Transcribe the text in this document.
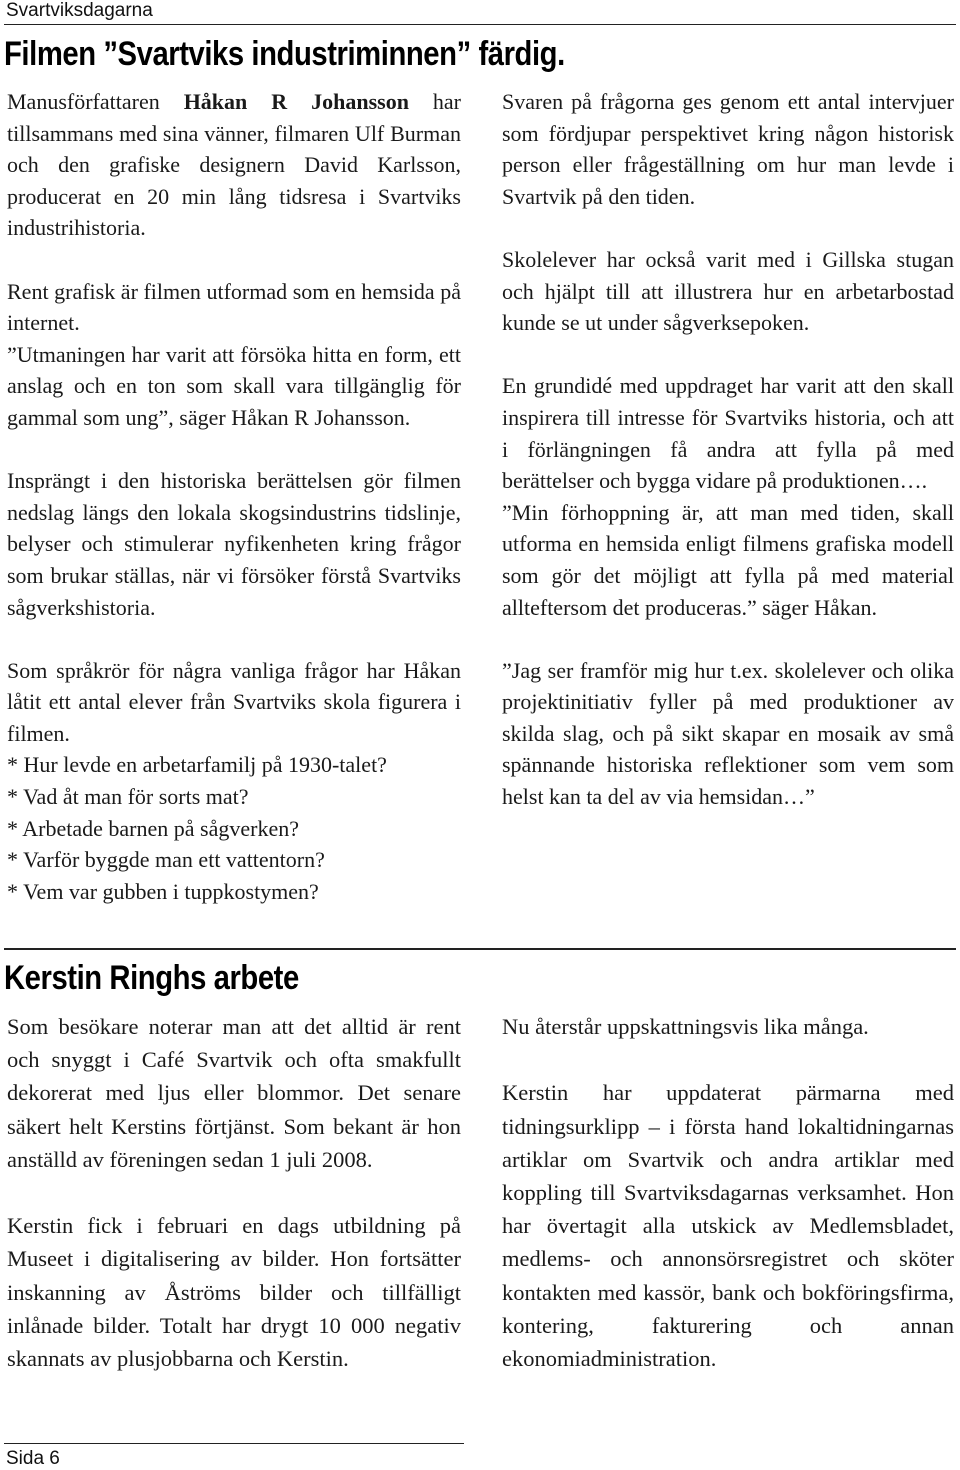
Svartviksdagarna
Filmen ”Svartviks industriminnen” färdig.

Manusförfattaren Håkan R Johansson har tillsammans med sina vänner, filmaren Ulf Burman och den grafiske designern David Karlsson, producerat en 20 min lång tidsresa i Svartviks industrihistoria.

Rent grafisk är filmen utformad som en hemsida på internet.

”Utmaningen har varit att försöka hitta en form, ett anslag och en ton som skall vara tillgänglig för gammal som ung”, säger Håkan R Johansson.

Insprängt i den historiska berättelsen gör filmen nedslag längs den lokala skogsindustrins tidslinje, belyser och stimulerar nyfikenheten kring frågor som brukar ställas, när vi försöker förstå Svartviks sågverkshistoria.

Som språkrör för några vanliga frågor har Håkan låtit ett antal elever från Svartviks skola figurera i filmen.

* Hur levde en arbetarfamilj på 1930-talet?

* Vad åt man för sorts mat?

* Arbetade barnen på sågverken?

* Varför byggde man ett vattentorn?

* Vem var gubben i tuppkostymen?

Svaren på frågorna ges genom ett antal intervjuer som fördjupar perspektivet kring någon historisk person eller frågeställning om hur man levde i Svartvik på den tiden.

Skolelever har också varit med i Gillska stugan och hjälpt till att illustrera hur en arbetarbostad kunde se ut under sågverksepoken.

En grundidé med uppdraget har varit att den skall inspirera till intresse för Svartviks historia, och att i förlängningen få andra att fylla på med berättelser och bygga vidare på produktionen….

”Min förhoppning är, att man med tiden, skall utforma en hemsida enligt filmens grafiska modell som gör det möjligt att fylla på med material allteftersom det produceras.” säger Håkan.

”Jag ser framför mig hur t.ex. skolelever och olika projektinitiativ fyller på med produktioner av skilda slag, och på sikt skapar en mosaik av små spännande historiska reflektioner som vem som helst kan ta del av via hemsidan…”

Kerstin Ringhs arbete

Som besökare noterar man att det alltid är rent och snyggt i Café Svartvik och ofta smakfullt dekorerat med ljus eller blommor. Det senare säkert helt Kerstins förtjänst. Som bekant är hon anställd av föreningen sedan 1 juli 2008.

Kerstin fick i februari en dags utbildning på Museet i digitalisering av bilder. Hon fortsätter inskanning av Åströms bilder och tillfälligt inlånade bilder. Totalt har drygt 10 000 negativ skannats av plusjobbarna och Kerstin.

Nu återstår uppskattningsvis lika många.

Kerstin har uppdaterat pärmarna med tidningsurklipp – i första hand lokaltidningarnas artiklar om Svartvik och andra artiklar med koppling till Svartviksdagarnas verksamhet. Hon har övertagit alla utskick av Medlemsbladet, medlems- och annonsörsregistret och sköter kontakten med kassör, bank och bokföringsfirma, kontering, fakturering och annan ekonomiadministration.

Sida 6
